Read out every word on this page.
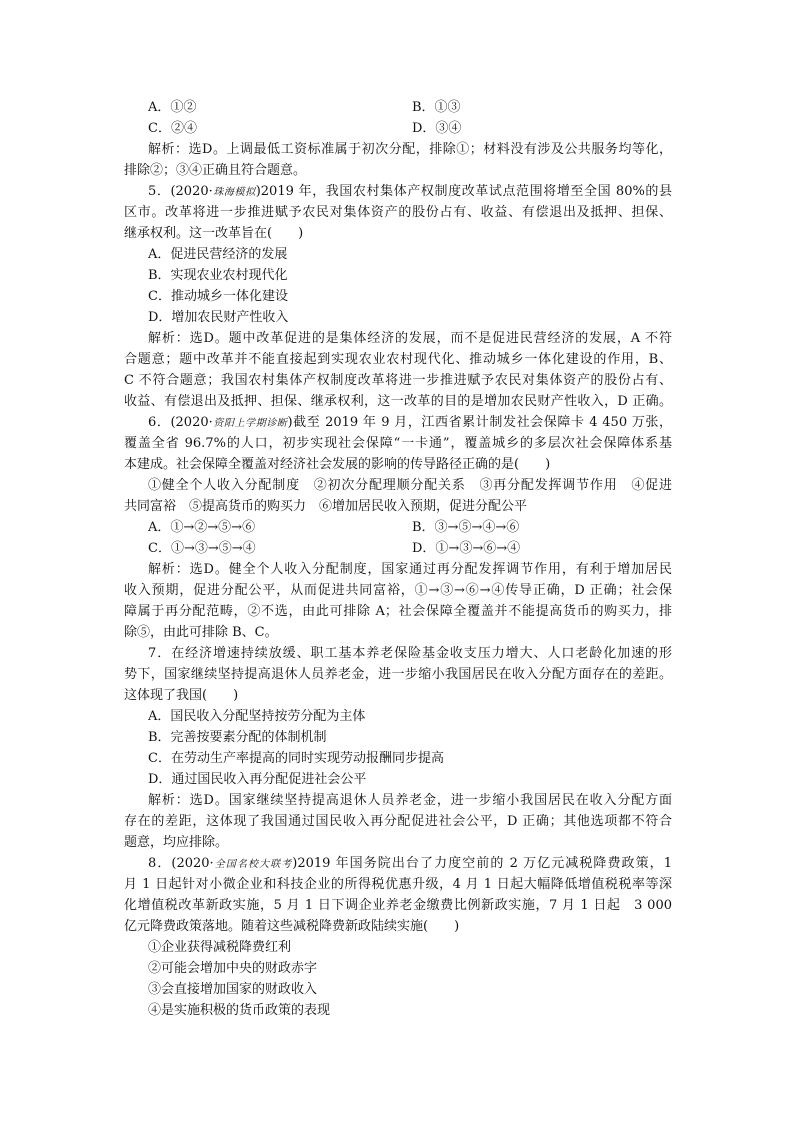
A．①②	B．①③
C．②④	D．③④
解析：选D。上调最低工资标准属于初次分配，排除①；材料没有涉及公共服务均等化，
排除②；③④正确且符合题意。
5．(2020·珠海模拟)2019 年，我国农村集体产权制度改革试点范围将增至全国 80%的县
区市。改革将进一步推进赋予农民对集体资产的股份占有、收益、有偿退出及抵押、担保、
继承权利。这一改革旨在(　　)
A．促进民营经济的发展
B．实现农业农村现代化
C．推动城乡一体化建设
D．增加农民财产性收入
解析：选D。题中改革促进的是集体经济的发展，而不是促进民营经济的发展，A 不符
合题意；题中改革并不能直接起到实现农业农村现代化、推动城乡一体化建设的作用，B、
C 不符合题意；我国农村集体产权制度改革将进一步推进赋予农民对集体资产的股份占有、
收益、有偿退出及抵押、担保、继承权利，这一改革的目的是增加农民财产性收入，D 正确。
6．(2020·资阳上学期诊断)截至 2019 年 9 月，江西省累计制发社会保障卡 4 450 万张，
覆盖全省 96.7%的人口，初步实现社会保障“一卡通”，覆盖城乡的多层次社会保障体系基
本建成。社会保障全覆盖对经济社会发展的影响的传导路径正确的是(　　)
①健全个人收入分配制度　②初次分配理顺分配关系　③再分配发挥调节作用　④促进
共同富裕　⑤提高货币的购买力　⑥增加居民收入预期，促进分配公平
A．①→②→⑤→⑥	B．③→⑤→④→⑥
C．①→③→⑤→④	D．①→③→⑥→④
解析：选D。健全个人收入分配制度，国家通过再分配发挥调节作用，有利于增加居民
收入预期，促进分配公平，从而促进共同富裕，①→③→⑥→④传导正确，D 正确；社会保
障属于再分配范畴，②不选，由此可排除 A；社会保障全覆盖并不能提高货币的购买力，排
除⑤，由此可排除 B、C。
7．在经济增速持续放缓、职工基本养老保险基金收支压力增大、人口老龄化加速的形
势下，国家继续坚持提高退休人员养老金，进一步缩小我国居民在收入分配方面存在的差距。
这体现了我国(　　)
A．国民收入分配坚持按劳分配为主体
B．完善按要素分配的体制机制
C．在劳动生产率提高的同时实现劳动报酬同步提高
D．通过国民收入再分配促进社会公平
解析：选D。国家继续坚持提高退休人员养老金，进一步缩小我国居民在收入分配方面
存在的差距，这体现了我国通过国民收入再分配促进社会公平，D 正确；其他选项都不符合
题意，均应排除。
8．(2020·全国名校大联考)2019 年国务院出台了力度空前的 2 万亿元减税降费政策，1
月 1 日起针对小微企业和科技企业的所得税优惠升级，4 月 1 日起大幅降低增值税税率等深
化增值税改革新政实施，5 月 1 日下调企业养老金缴费比例新政实施，7 月 1 日起　3 000
亿元降费政策落地。随着这些减税降费新政陆续实施(　　)
①企业获得减税降费红利
②可能会增加中央的财政赤字
③会直接增加国家的财政收入
④是实施积极的货币政策的表现
